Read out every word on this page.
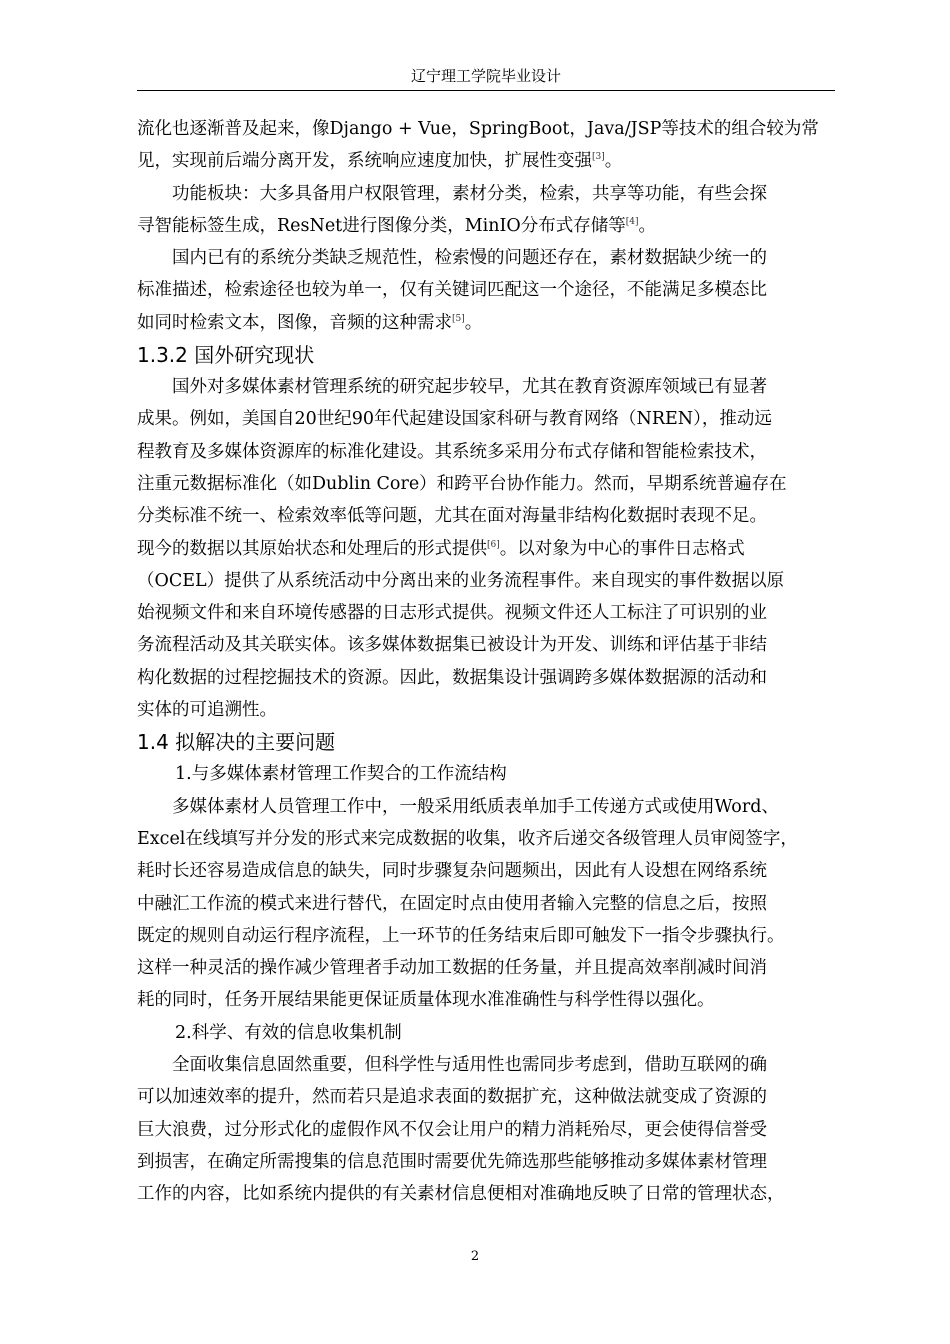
辽宁理工学院毕业设计

流化也逐渐普及起来，像Django + Vue，SpringBoot，Java/JSP等技术的组合较为常

见，实现前后端分离开发，系统响应速度加快，扩展性变强[3]。

功能板块：大多具备用户权限管理，素材分类，检索，共享等功能，有些会探

寻智能标签生成，ResNet进行图像分类，MinIO分布式存储等[4]。

国内已有的系统分类缺乏规范性，检索慢的问题还存在，素材数据缺少统一的

标准描述，检索途径也较为单一，仅有关键词匹配这一个途径，不能满足多模态比

如同时检索文本，图像，音频的这种需求[5]。

1.3.2 国外研究现状

国外对多媒体素材管理系统的研究起步较早，尤其在教育资源库领域已有显著

成果。例如，美国自20世纪90年代起建设国家科研与教育网络（NREN），推动远

程教育及多媒体资源库的标准化建设。其系统多采用分布式存储和智能检索技术，

注重元数据标准化（如Dublin Core）和跨平台协作能力。然而，早期系统普遍存在

分类标准不统一、检索效率低等问题，尤其在面对海量非结构化数据时表现不足。

现今的数据以其原始状态和处理后的形式提供[6]。以对象为中心的事件日志格式

（OCEL）提供了从系统活动中分离出来的业务流程事件。来自现实的事件数据以原

始视频文件和来自环境传感器的日志形式提供。视频文件还人工标注了可识别的业

务流程活动及其关联实体。该多媒体数据集已被设计为开发、训练和评估基于非结

构化数据的过程挖掘技术的资源。因此，数据集设计强调跨多媒体数据源的活动和

实体的可追溯性。

1.4 拟解决的主要问题

1.与多媒体素材管理工作契合的工作流结构

多媒体素材人员管理工作中，一般采用纸质表单加手工传递方式或使用Word、

Excel在线填写并分发的形式来完成数据的收集，收齐后递交各级管理人员审阅签字，

耗时长还容易造成信息的缺失，同时步骤复杂问题频出，因此有人设想在网络系统

中融汇工作流的模式来进行替代，在固定时点由使用者输入完整的信息之后，按照

既定的规则自动运行程序流程，上一环节的任务结束后即可触发下一指令步骤执行。

这样一种灵活的操作减少管理者手动加工数据的任务量，并且提高效率削减时间消

耗的同时，任务开展结果能更保证质量体现水准准确性与科学性得以强化。

2.科学、有效的信息收集机制

全面收集信息固然重要，但科学性与适用性也需同步考虑到，借助互联网的确

可以加速效率的提升，然而若只是追求表面的数据扩充，这种做法就变成了资源的

巨大浪费，过分形式化的虚假作风不仅会让用户的精力消耗殆尽，更会使得信誉受

到损害，在确定所需搜集的信息范围时需要优先筛选那些能够推动多媒体素材管理

工作的内容，比如系统内提供的有关素材信息便相对准确地反映了日常的管理状态，

2
